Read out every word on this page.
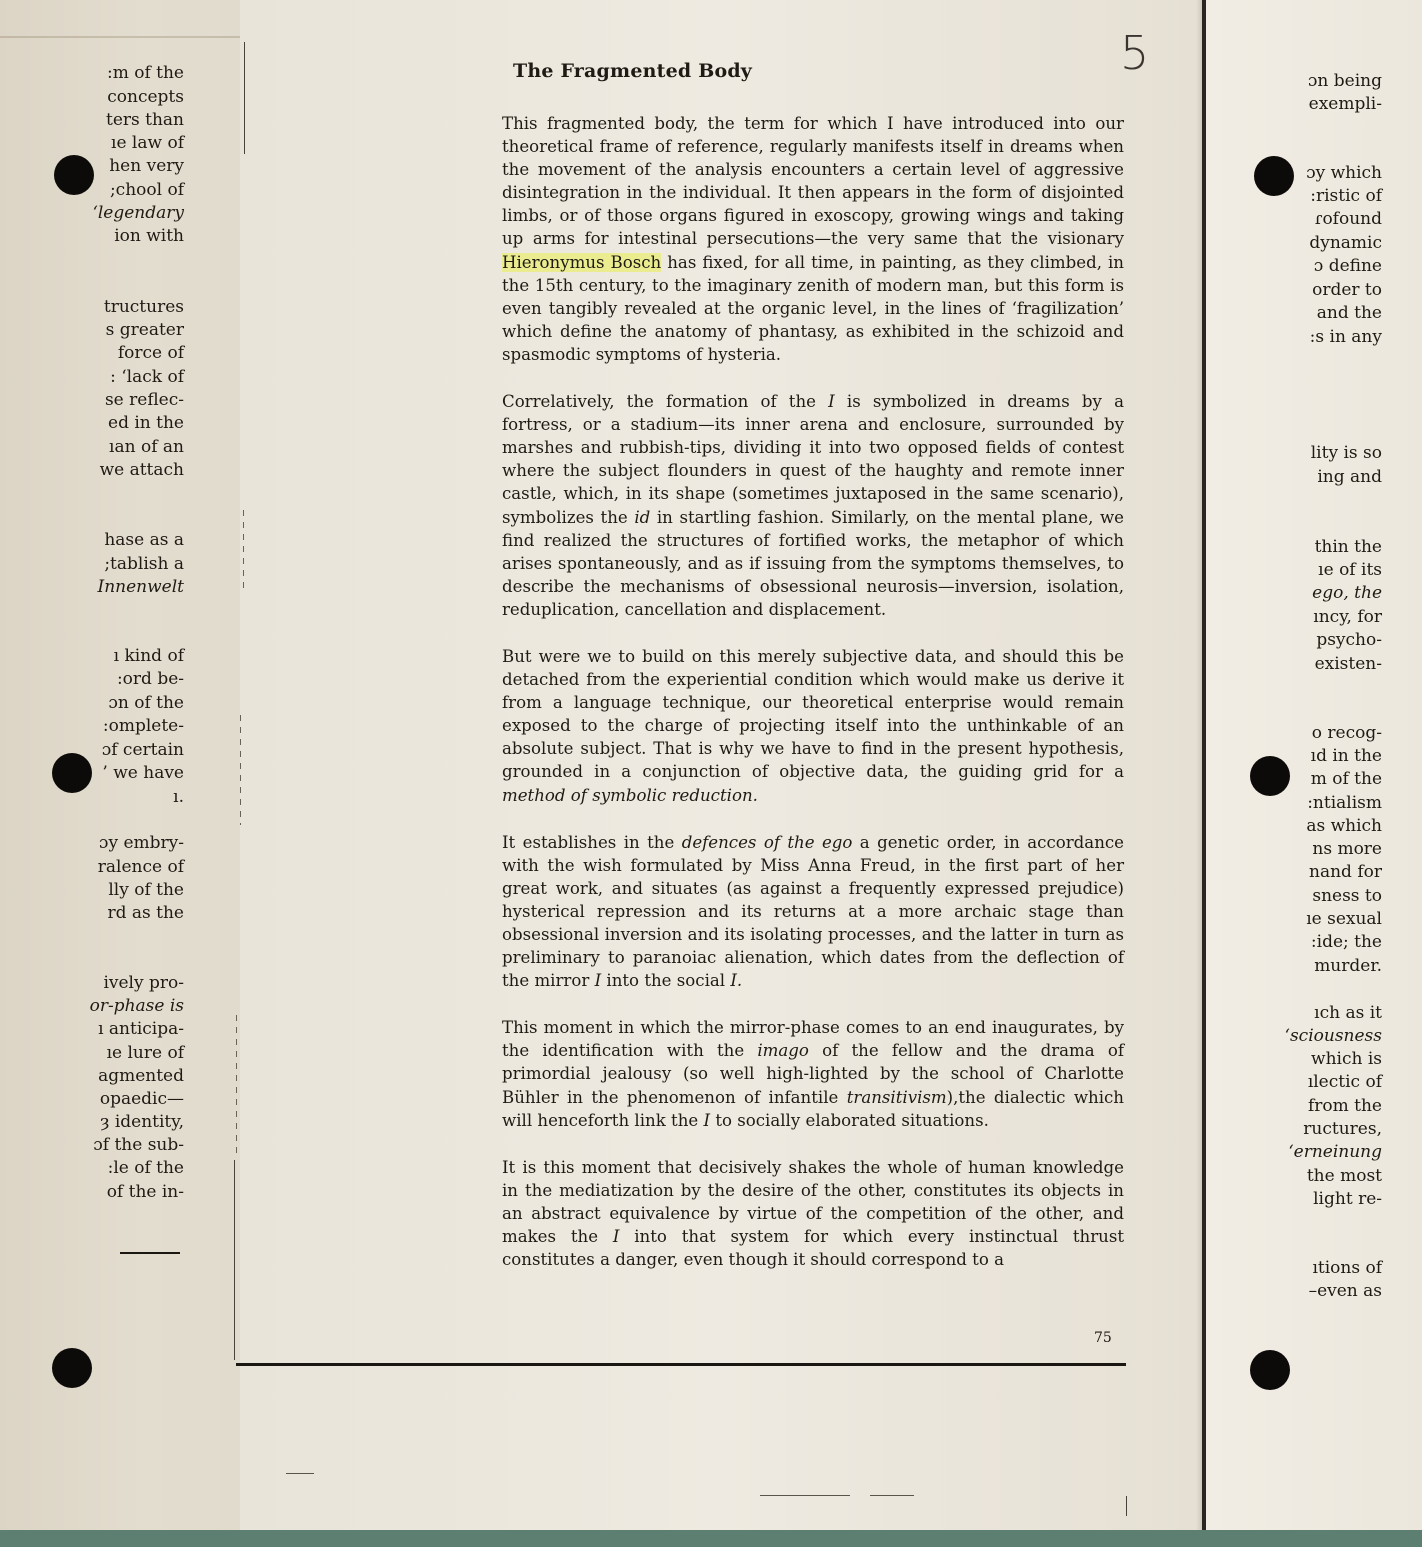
:m of the
concepts
ters than
ıe law of
hen very
;chool of
‘legendary
ion with
tructures
s greater
force of
: ‘lack of
se reflec-
ed in the
ıan of an
we attach
hase as a
;tablish a
Innenwelt
ı kind of
:ord be-
ɔn of the
:omplete-
ɔf certain
’ we have
ı.
ɔy embry-
ralence of
lly of the
rd as the
ively pro-
or-phase is
ı anticipa-
ıe lure of
agmented
opaedic—
ȝ identity,
ɔf the sub-
:le of the
of the in-
ɔn being
exempli-
ɔy which
:ristic of
ɾofound
dynamic
ɔ define
order to
and the
:s in any
lity is so
ing and
thin the
ıe of its
ego, the
ıncy, for
psycho-
existen-
o recog-
ıd in the
m of the
:ntialism
as which
ns more
nand for
sness to
ıe sexual
:ide; the
murder.
ıch as it
‘sciousness
which is
ılectic of
from the
ructures,
‘erneinung
the most
light re-
ıtions of
–even as
5
The Fragmented Body

This fragmented body, the term for which I have introduced into our theoretical frame of reference, regularly manifests itself in dreams when the movement of the analysis encounters a certain level of aggressive disintegration in the individual. It then appears in the form of disjointed limbs, or of those organs figured in exoscopy, growing wings and taking up arms for intestinal persecutions—the very same that the visionary Hieronymus Bosch has fixed, for all time, in painting, as they climbed, in the 15th century, to the imaginary zenith of modern man, but this form is even tangibly revealed at the organic level, in the lines of ‘fragilization’ which define the anatomy of phantasy, as exhibited in the schizoid and spasmodic symptoms of hysteria.

Correlatively, the formation of the I is symbolized in dreams by a fortress, or a stadium—its inner arena and enclosure, surrounded by marshes and rubbish-tips, dividing it into two opposed fields of contest where the subject flounders in quest of the haughty and remote inner castle, which, in its shape (sometimes juxtaposed in the same scenario), symbolizes the id in startling fashion. Similarly, on the mental plane, we find realized the structures of fortified works, the metaphor of which arises spontaneously, and as if issuing from the symptoms themselves, to describe the mechanisms of obsessional neurosis—inversion, isolation, reduplication, cancellation and displacement.

But were we to build on this merely subjective data, and should this be detached from the experiential condition which would make us derive it from a language technique, our theoretical enterprise would remain exposed to the charge of projecting itself into the unthinkable of an absolute subject. That is why we have to find in the present hypothesis, grounded in a conjunction of objective data, the guiding grid for a method of symbolic reduction.

It establishes in the defences of the ego a genetic order, in accordance with the wish formulated by Miss Anna Freud, in the first part of her great work, and situates (as against a frequently expressed prejudice) hysterical repression and its returns at a more archaic stage than obsessional inversion and its isolating processes, and the latter in turn as preliminary to paranoiac alienation, which dates from the deflection of the mirror I into the social I.

This moment in which the mirror-phase comes to an end inaugurates, by the identification with the imago of the fellow and the drama of primordial jealousy (so well high-lighted by the school of Charlotte Bühler in the phenomenon of infantile transitivism),the dialectic which will henceforth link the I to socially elaborated situations.

It is this moment that decisively shakes the whole of human knowledge in the mediatization by the desire of the other, constitutes its objects in an abstract equivalence by virtue of the competition of the other, and makes the I into that system for which every instinctual thrust constitutes a danger, even though it should correspond to a

75
